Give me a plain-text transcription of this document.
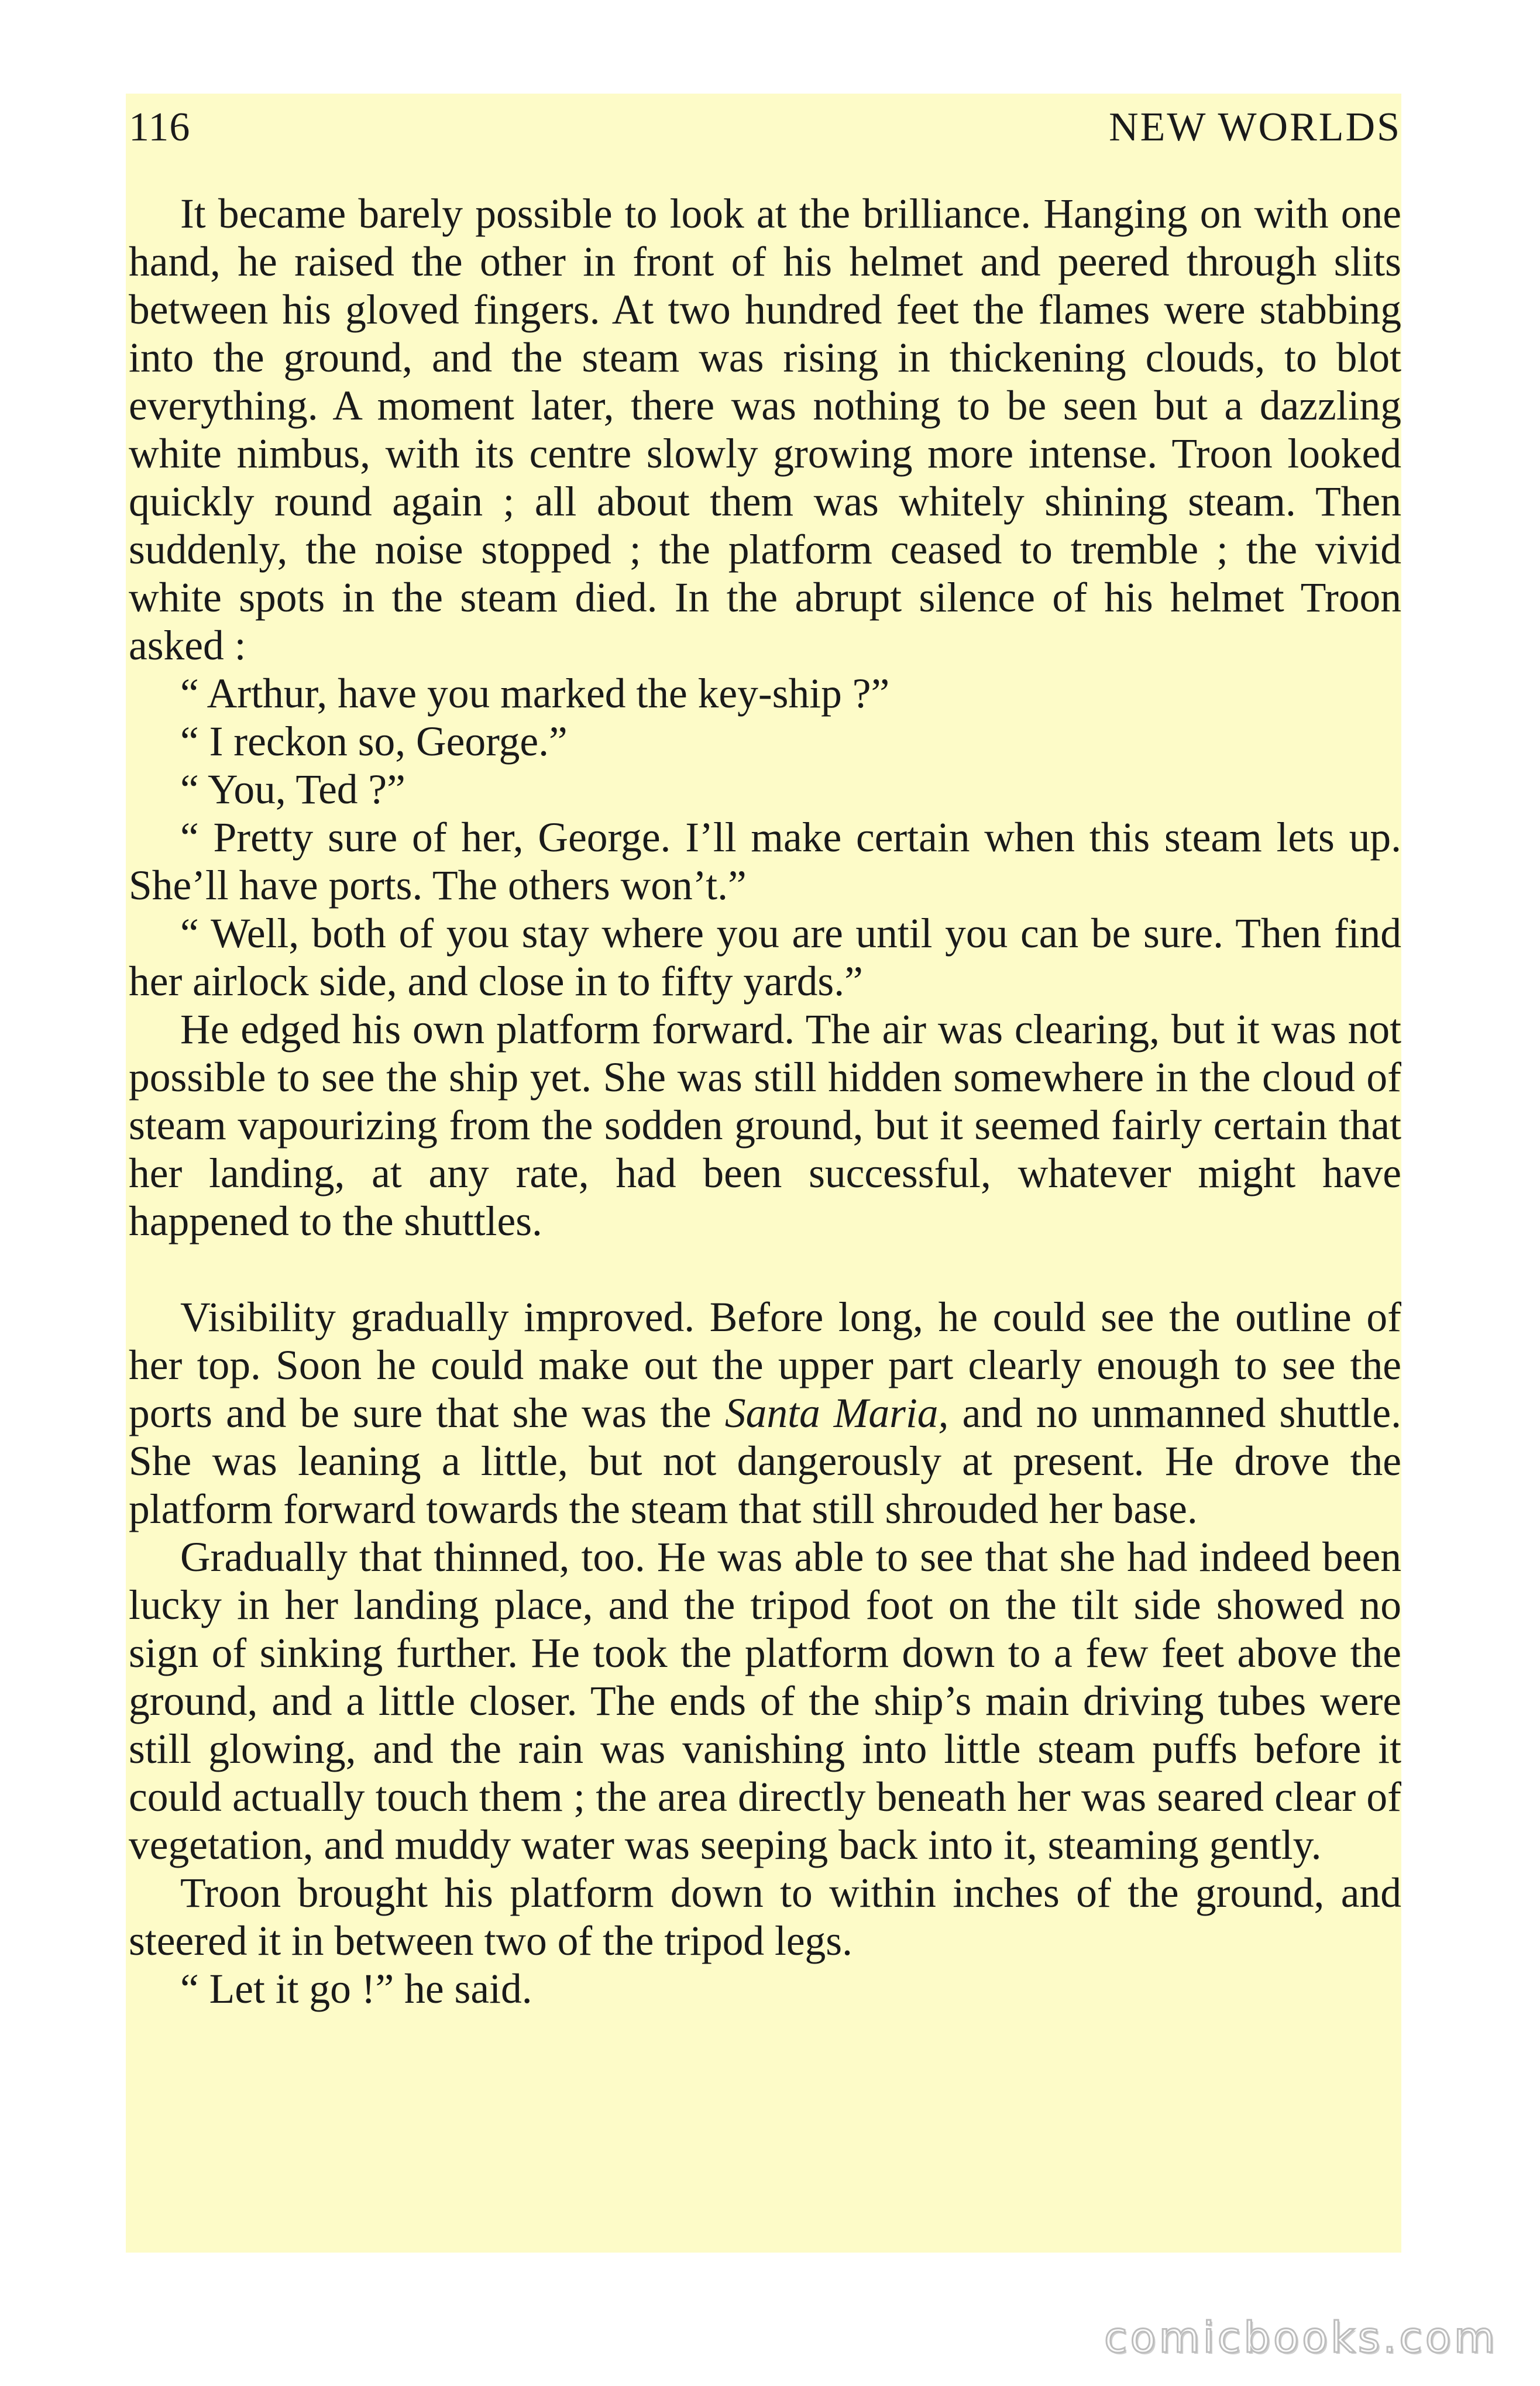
116	NEW WORLDS

It became barely possible to look at the brilliance. Hanging on with one hand, he raised the other in front of his helmet and peered through slits between his gloved fingers. At two hundred feet the flames were stabbing into the ground, and the steam was rising in thickening clouds, to blot everything. A moment later, there was nothing to be seen but a dazzling white nimbus, with its centre slowly growing more intense. Troon looked quickly round again ; all about them was whitely shining steam. Then suddenly, the noise stopped ; the platform ceased to tremble ; the vivid white spots in the steam died. In the abrupt silence of his helmet Troon asked :

“ Arthur, have you marked the key-ship ?”

“ I reckon so, George.”

“ You, Ted ?”

“ Pretty sure of her, George. I’ll make certain when this steam lets up. She’ll have ports. The others won’t.”

“ Well, both of you stay where you are until you can be sure. Then find her airlock side, and close in to fifty yards.”

He edged his own platform forward. The air was clearing, but it was not possible to see the ship yet. She was still hidden somewhere in the cloud of steam vapourizing from the sodden ground, but it seemed fairly certain that her landing, at any rate, had been successful, whatever might have happened to the shuttles.

Visibility gradually improved. Before long, he could see the outline of her top. Soon he could make out the upper part clearly enough to see the ports and be sure that she was the Santa Maria, and no unmanned shuttle. She was leaning a little, but not dangerously at present. He drove the platform forward towards the steam that still shrouded her base.

Gradually that thinned, too. He was able to see that she had indeed been lucky in her landing place, and the tripod foot on the tilt side showed no sign of sinking further. He took the platform down to a few feet above the ground, and a little closer. The ends of the ship’s main driving tubes were still glowing, and the rain was vanishing into little steam puffs before it could actually touch them ; the area directly beneath her was seared clear of vegetation, and muddy water was seeping back into it, steaming gently.

Troon brought his platform down to within inches of the ground, and steered it in between two of the tripod legs.

“ Let it go !” he said.

comicbooks.com
